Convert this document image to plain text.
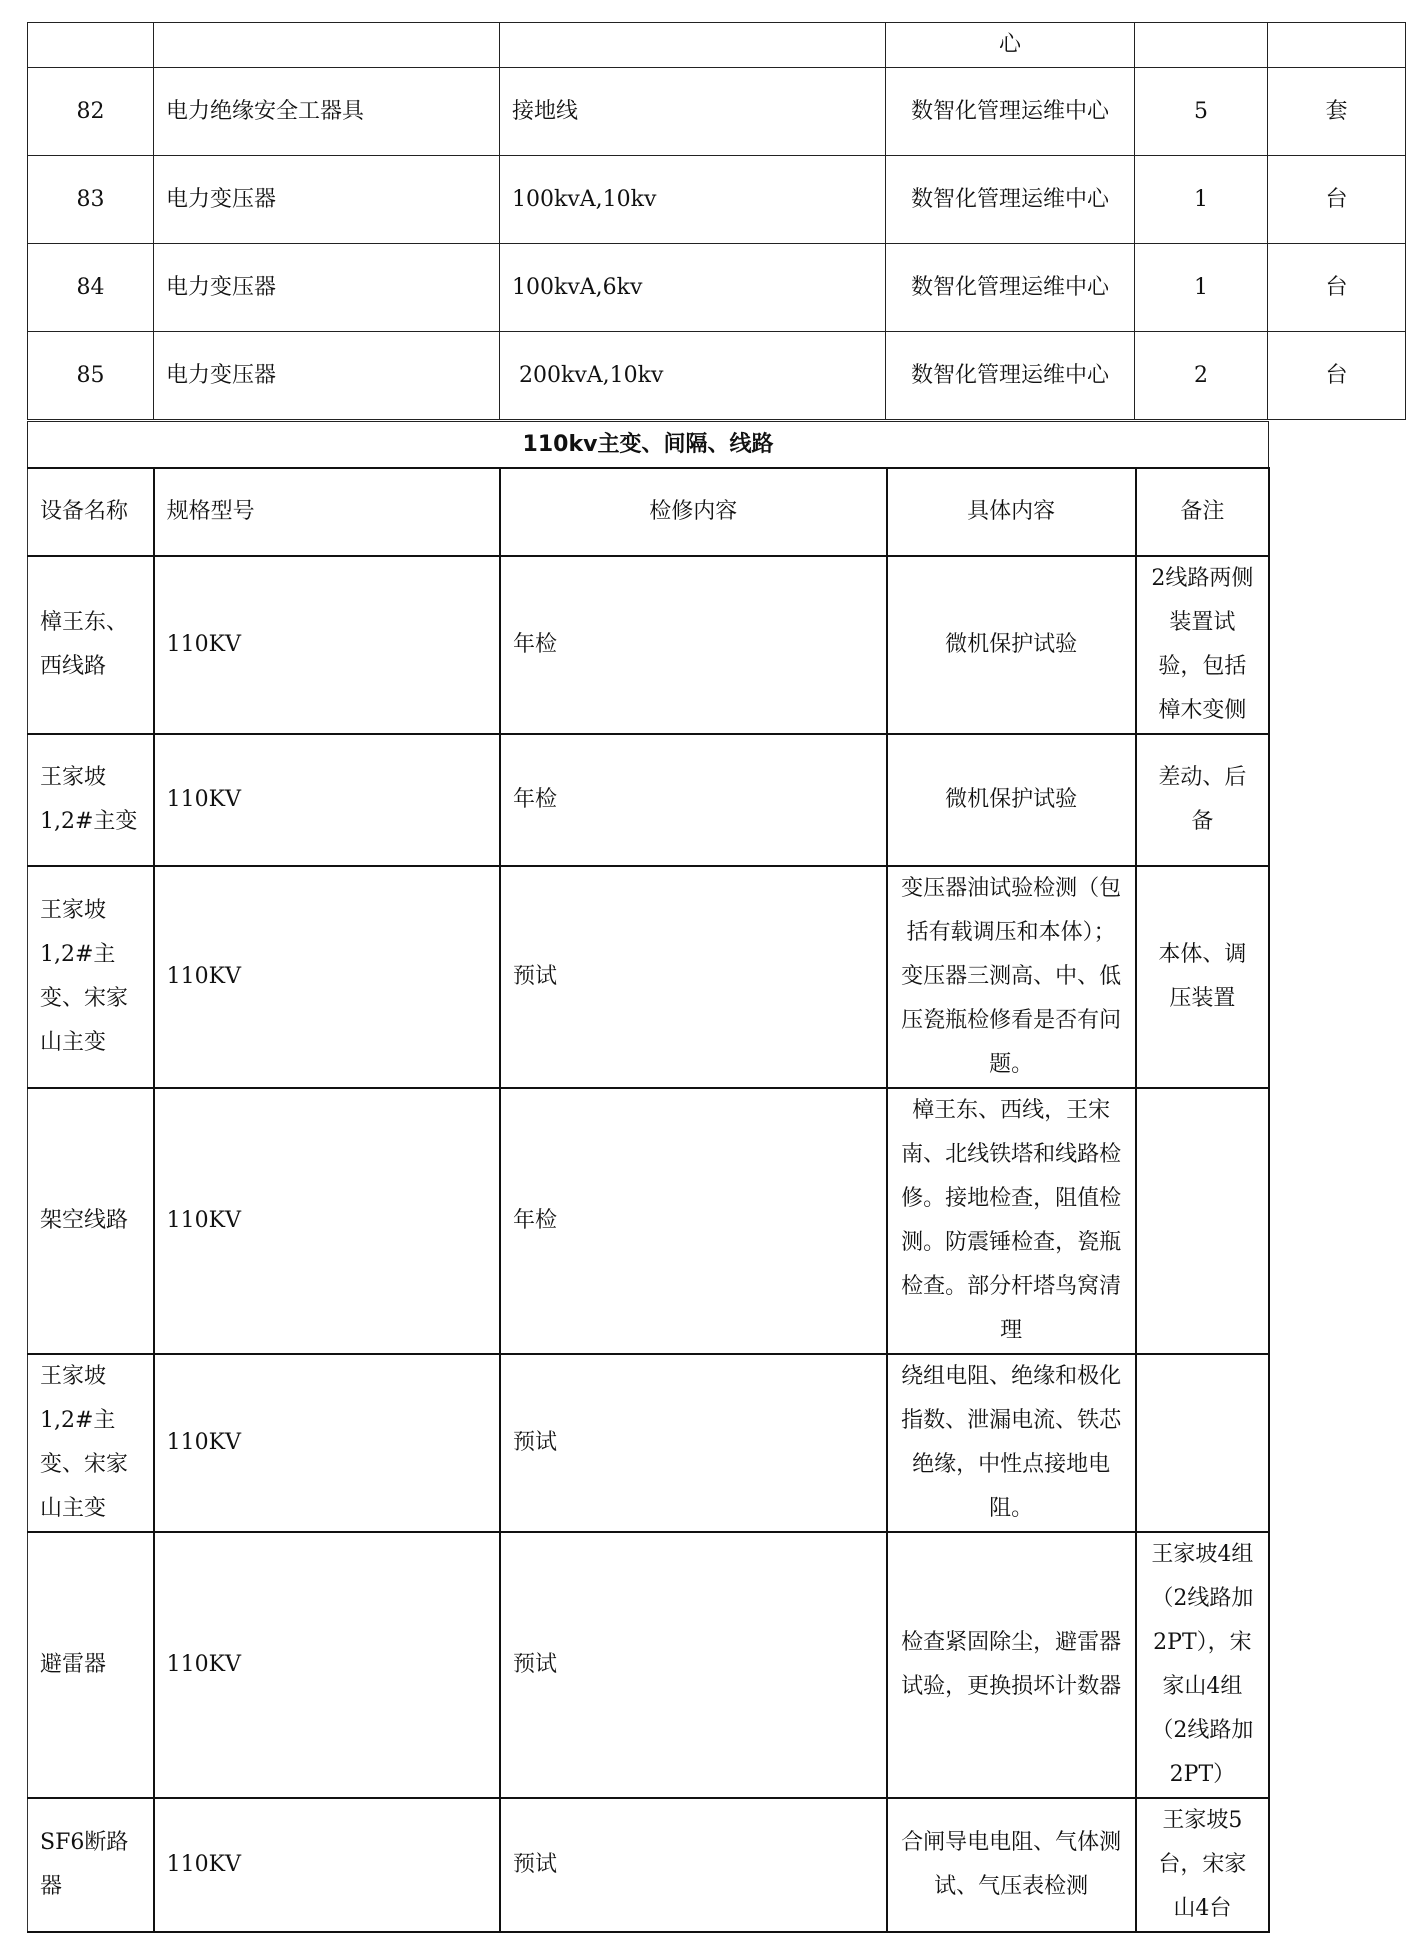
			心		
82	电力绝缘安全工器具	接地线	数智化管理运维中心	5	套
83	电力变压器	100kvA,10kv	数智化管理运维中心	1	台
84	电力变压器	100kvA,6kv	数智化管理运维中心	1	台
85	电力变压器	200kvA,10kv	数智化管理运维中心	2	台
110kv主变、间隔、线路
设备名称	规格型号	检修内容	具体内容	备注
樟王东、西线路	110KV	年检	微机保护试验	2线路两侧装置试验，包括樟木变侧
王家坡1,2#主变	110KV	年检	微机保护试验	差动、后备
王家坡1,2#主变、宋家山主变	110KV	预试	变压器油试验检测（包括有载调压和本体）；变压器三测高、中、低压瓷瓶检修看是否有问题。	本体、调压装置
架空线路	110KV	年检	樟王东、西线，王宋南、北线铁塔和线路检修。接地检查，阻值检测。防震锤检查，瓷瓶检查。部分杆塔鸟窝清理	
王家坡1,2#主变、宋家山主变	110KV	预试	绕组电阻、绝缘和极化指数、泄漏电流、铁芯绝缘，中性点接地电阻。	
避雷器	110KV	预试	检查紧固除尘，避雷器试验，更换损坏计数器	王家坡4组（2线路加2PT），宋家山4组（2线路加2PT）
SF6断路器	110KV	预试	合闸导电电阻、气体测试、气压表检测	王家坡5台，宋家山4台
